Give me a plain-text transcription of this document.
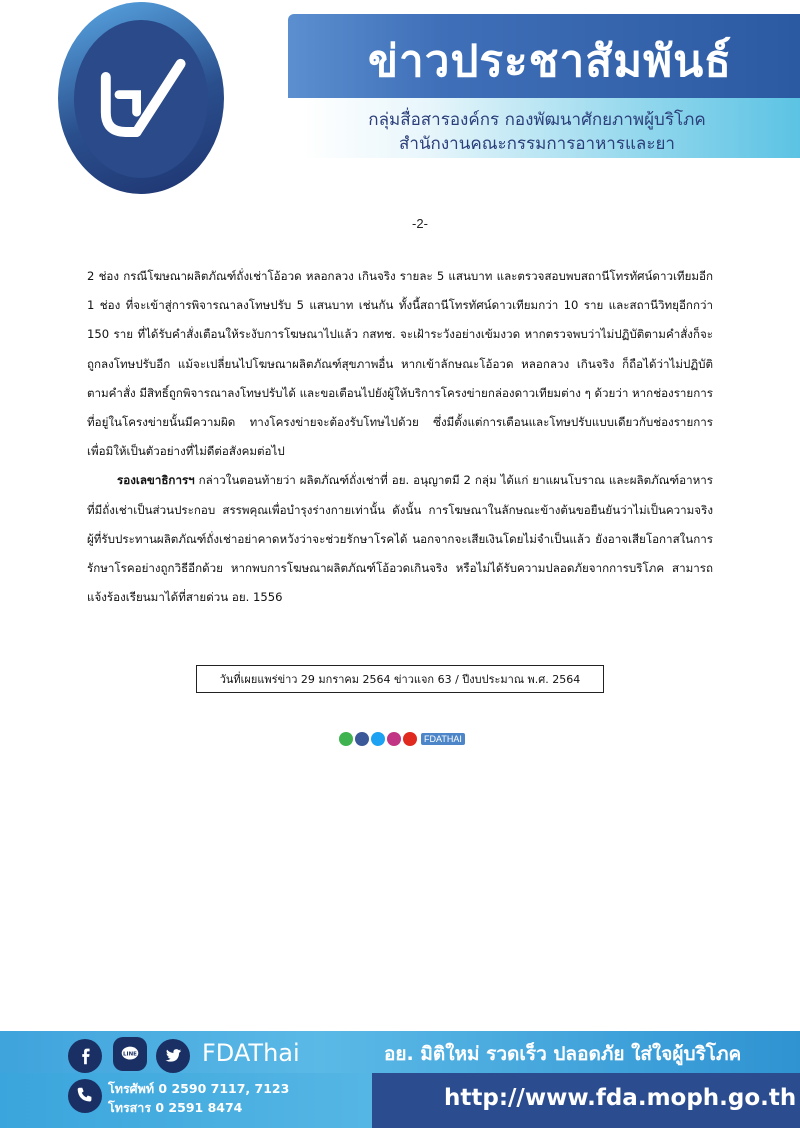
ข่าวประชาสัมพันธ์
กลุ่มสื่อสารองค์กร กองพัฒนาศักยภาพผู้บริโภค
สำนักงานคณะกรรมการอาหารและยา
-2-

2 ช่อง กรณีโฆษณาผลิตภัณฑ์ถั่งเช่าโอ้อวด หลอกลวง เกินจริง รายละ 5 แสนบาท และตรวจสอบพบสถานีโทรทัศน์ดาวเทียมอีก 1 ช่อง ที่จะเข้าสู่การพิจารณาลงโทษปรับ 5 แสนบาท เช่นกัน ทั้งนี้สถานีโทรทัศน์ดาวเทียมกว่า 10 ราย และสถานีวิทยุอีกกว่า 150 ราย ที่ได้รับคำสั่งเตือนให้ระงับการโฆษณาไปแล้ว กสทช. จะเฝ้าระวังอย่างเข้มงวด หากตรวจพบว่าไม่ปฏิบัติตามคำสั่งก็จะถูกลงโทษปรับอีก แม้จะเปลี่ยนไปโฆษณาผลิตภัณฑ์สุขภาพอื่น หากเข้าลักษณะโอ้อวด หลอกลวง เกินจริง ก็ถือได้ว่าไม่ปฏิบัติตามคำสั่ง มีสิทธิ์ถูกพิจารณาลงโทษปรับได้ และขอเตือนไปยังผู้ให้บริการโครงข่ายกล่องดาวเทียมต่าง ๆ ด้วยว่า หากช่องรายการที่อยู่ในโครงข่ายนั้นมีความผิด ทางโครงข่ายจะต้องรับโทษไปด้วย ซึ่งมีตั้งแต่การเตือนและโทษปรับแบบเดียวกับช่องรายการ เพื่อมิให้เป็นตัวอย่างที่ไม่ดีต่อสังคมต่อไป

รองเลขาธิการฯ กล่าวในตอนท้ายว่า ผลิตภัณฑ์ถั่งเช่าที่ อย. อนุญาตมี 2 กลุ่ม ได้แก่ ยาแผนโบราณ และผลิตภัณฑ์อาหารที่มีถั่งเช่าเป็นส่วนประกอบ สรรพคุณเพื่อบำรุงร่างกายเท่านั้น ดังนั้น การโฆษณาในลักษณะข้างต้นขอยืนยันว่าไม่เป็นความจริง ผู้ที่รับประทานผลิตภัณฑ์ถั่งเช่าอย่าคาดหวังว่าจะช่วยรักษาโรคได้ นอกจากจะเสียเงินโดยไม่จำเป็นแล้ว ยังอาจเสียโอกาสในการรักษาโรคอย่างถูกวิธีอีกด้วย หากพบการโฆษณาผลิตภัณฑ์โอ้อวดเกินจริง หรือไม่ได้รับความปลอดภัยจากการบริโภค สามารถแจ้งร้องเรียนมาได้ที่สายด่วน อย. 1556

วันที่เผยแพร่ข่าว 29 มกราคม 2564 ข่าวแจก 63 / ปีงบประมาณ พ.ศ. 2564
FDATHAI
LINE	FDAThai	อย. มิติใหม่ รวดเร็ว ปลอดภัย ใส่ใจผู้บริโภค
โทรศัพท์ 0 2590 7117, 7123
โทรสาร 0 2591 8474	http://www.fda.moph.go.th
